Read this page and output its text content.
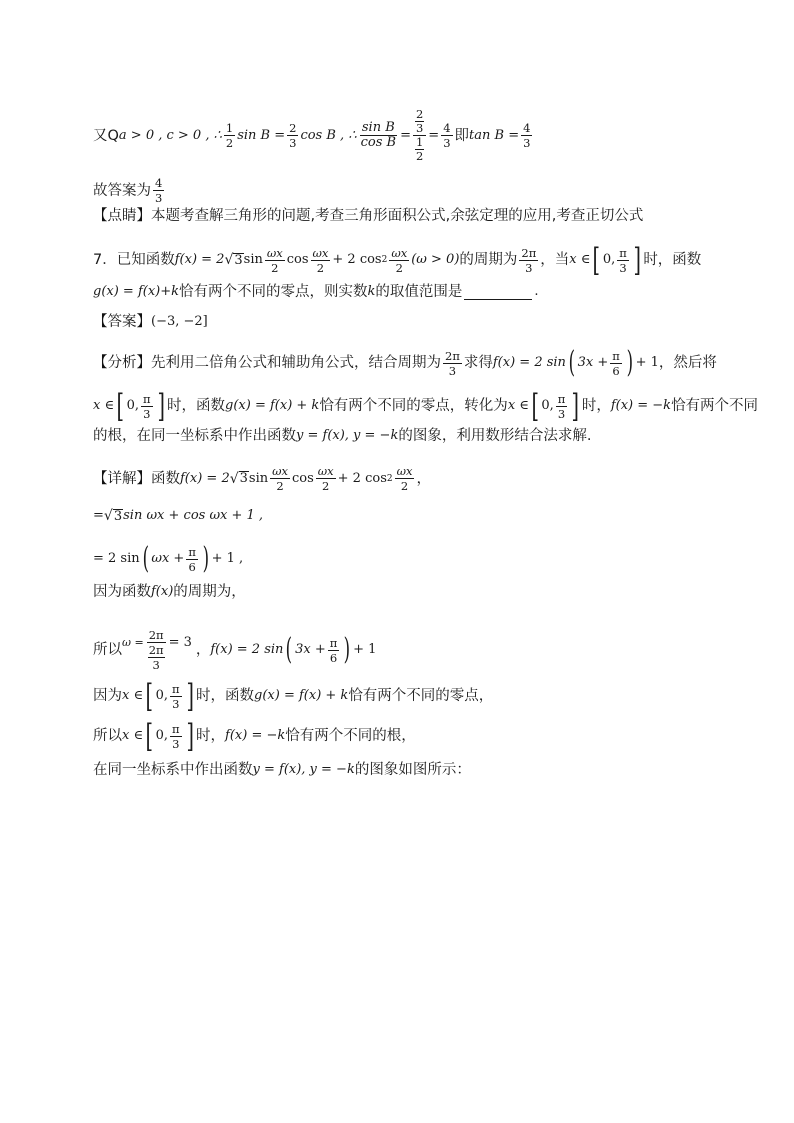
又Q a > 0 , c > 0 , ∴ $\frac{1}{2}$ $\sin B = \frac{2}{3}$ cos B , ∴ $\frac{\text{sin B}}{\text{cos B}} = 2$
3
1
$2 = \frac{4}{3}$ 即 $\tan B = \frac{4}{3}$
故答案为 $\frac{4}{3}$
【点睛】 本题考查解三角形的问题,考查三角形面积公式,余弦定理的应用,考查正切公式
7．已知函数 f(x) = 2 √ 3 $\sin \frac{\omega x}{2}$ $\cos \frac{\omega x}{2} + 2$ $\cos 2 \frac{\omega x}{2} (\omega > 0)$ 的周期为 $\frac{2\pi}{3}$ ，当 x ∈ [ 0, $\frac{\pi}{3}$ ] 时，函数
g(x) = f(x)+k 恰有两个不同的零点，则实数 k 的取值范围是	.
【答案】 (−3, −2]
【分析】 先利用二倍角公式和辅助角公式，结合周期为 $\frac{2\pi}{3}$ 求得 f(x) = 2 sin ( $3x + \frac{\pi}{6}$ ) + 1 ，然后将
x ∈ [ 0, $\frac{\pi}{3}$ ] 时，函数 g(x) = f(x) + k 恰有两个不同的零点，转化为 x ∈ [ 0, $\frac{\pi}{3}$ ] 时， f(x) = −k 恰有两个不同
的根，在同一坐标系中作出函数 y = f(x), y = −k 的图象，利用数形结合法求解.
【详解】 函数 f(x) = 2 √ 3 $\sin \frac{\omega x}{2}$ $\cos \frac{\omega x}{2} + 2$ $\cos 2 \frac{\omega x}{2}$ ，
= √ 3 sin ωx + cos ωx + 1 ,
= 2 sin ( $\omega x + \frac{\pi}{6}$ ) + 1 ,
因为函数 f(x) 的周期为，
所以 ω = 2π
2π
3 = 3 ， f(x) = 2 sin ( $3x + \frac{\pi}{6}$ ) + 1
因为 x ∈ [ 0, $\frac{\pi}{3}$ ] 时，函数 g(x) = f(x) + k 恰有两个不同的零点，
所以 x ∈ [ 0, $\frac{\pi}{3}$ ] 时， f(x) = −k 恰有两个不同的根，
在同一坐标系中作出函数 y = f(x), y = −k 的图象如图所示：
